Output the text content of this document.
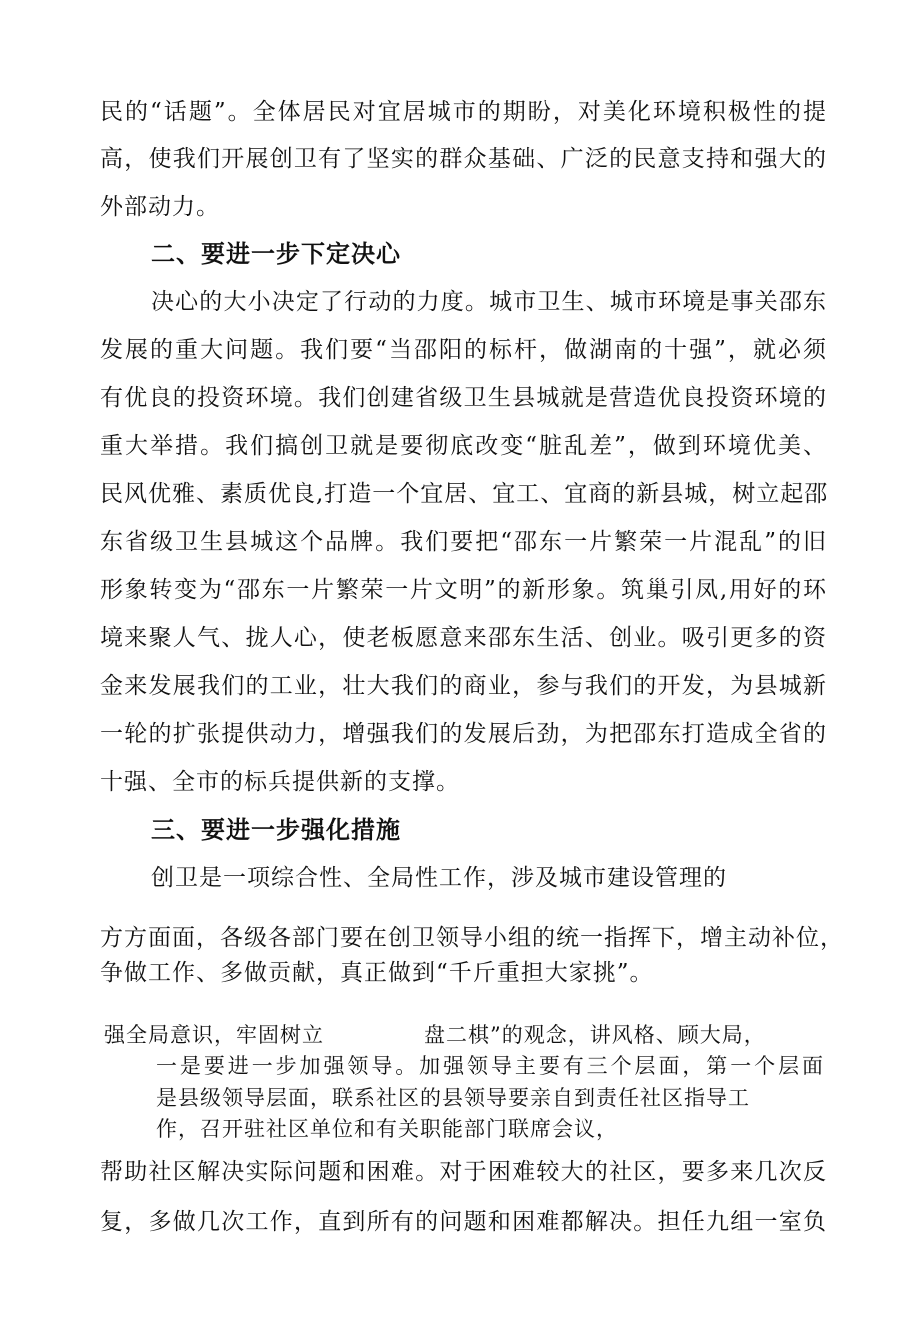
民的“话题”。全体居民对宜居城市的期盼，对美化环境积极性的提
高，使我们开展创卫有了坚实的群众基础、广泛的民意支持和强大的
外部动力。
二、要进一步下定决心
决心的大小决定了行动的力度。城市卫生、城市环境是事关邵东
发展的重大问题。我们要“当邵阳的标杆，做湖南的十强”，就必须
有优良的投资环境。我们创建省级卫生县城就是营造优良投资环境的
重大举措。我们搞创卫就是要彻底改变“脏乱差”，做到环境优美、
民风优雅、素质优良,打造一个宜居、宜工、宜商的新县城，树立起邵
东省级卫生县城这个品牌。我们要把“邵东一片繁荣一片混乱”的旧
形象转变为“邵东一片繁荣一片文明”的新形象。筑巢引凤,用好的环
境来聚人气、拢人心，使老板愿意来邵东生活、创业。吸引更多的资
金来发展我们的工业，壮大我们的商业，参与我们的开发，为县城新
一轮的扩张提供动力，增强我们的发展后劲，为把邵东打造成全省的
十强、全市的标兵提供新的支撑。
三、要进一步强化措施
创卫是一项综合性、全局性工作，涉及城市建设管理的
方方面面，各级各部门要在创卫领导小组的统一指挥下，增主动补位，
争做工作、多做贡献，真正做到“千斤重担大家挑”。
强全局意识，牢固树立	盘二棋”的观念，讲风格、顾大局，
一是要进一步加强领导。加强领导主要有三个层面，第一个层面
是县级领导层面，联系社区的县领导要亲自到责任社区指导工
作，召开驻社区单位和有关职能部门联席会议，
帮助社区解决实际问题和困难。对于困难较大的社区，要多来几次反
复，多做几次工作，直到所有的问题和困难都解决。担任九组一室负
